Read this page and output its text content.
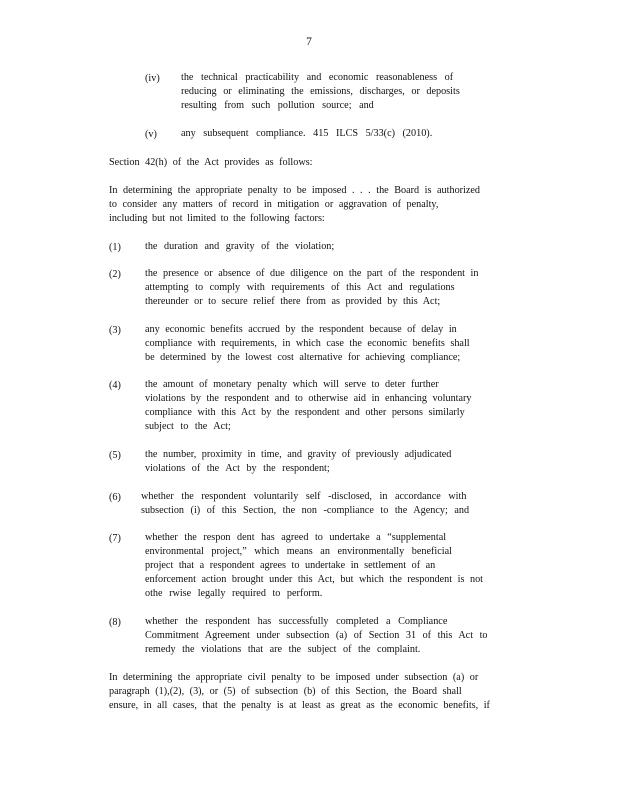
7
(iv) the technical practicability and economic reasonableness of
reducing or eliminating the emissions, discharges, or deposits
resulting from such pollution source; and
(v) any subsequent compliance. 415 ILCS 5/33(c) (2010).
Section 42(h) of the Act provides as follows:
In determining the appropriate penalty to be imposed . . . the Board is authorized
to consider any matters of record in mitigation or aggravation of penalty,
including but not limited to the following factors:
(1) the duration and gravity of the violation;
(2) the presence or absence of due diligence on the part of the respondent in
attempting to comply with requirements of this Act and regulations
thereunder or to secure relief there from as provided by this Act;
(3) any economic benefits accrued by the respondent because of delay in
compliance with requirements, in which case the economic benefits shall
be determined by the lowest cost alternative for achieving compliance;
(4) the amount of monetary penalty which will serve to deter further
violations by the respondent and to otherwise aid in enhancing voluntary
compliance with this Act by the respondent and other persons similarly
subject to the Act;
(5) the number, proximity in time, and gravity of previously adjudicated
violations of the Act by the respondent;
(6) whether the respondent voluntarily self -disclosed, in accordance with
subsection (i) of this Section, the non -compliance to the Agency; and
(7) whether the respon dent has agreed to undertake a “supplemental
environmental project,” which means an environmentally beneficial
project that a respondent agrees to undertake in settlement of an
enforcement action brought under this Act, but which the respondent is not
othe rwise legally required to perform.
(8) whether the respondent has successfully completed a Compliance
Commitment Agreement under subsection (a) of Section 31 of this Act to
remedy the violations that are the subject of the complaint.
In determining the appropriate civil penalty to be imposed under subsection (a) or
paragraph (1),(2), (3), or (5) of subsection (b) of this Section, the Board shall
ensure, in all cases, that the penalty is at least as great as the economic benefits, if
